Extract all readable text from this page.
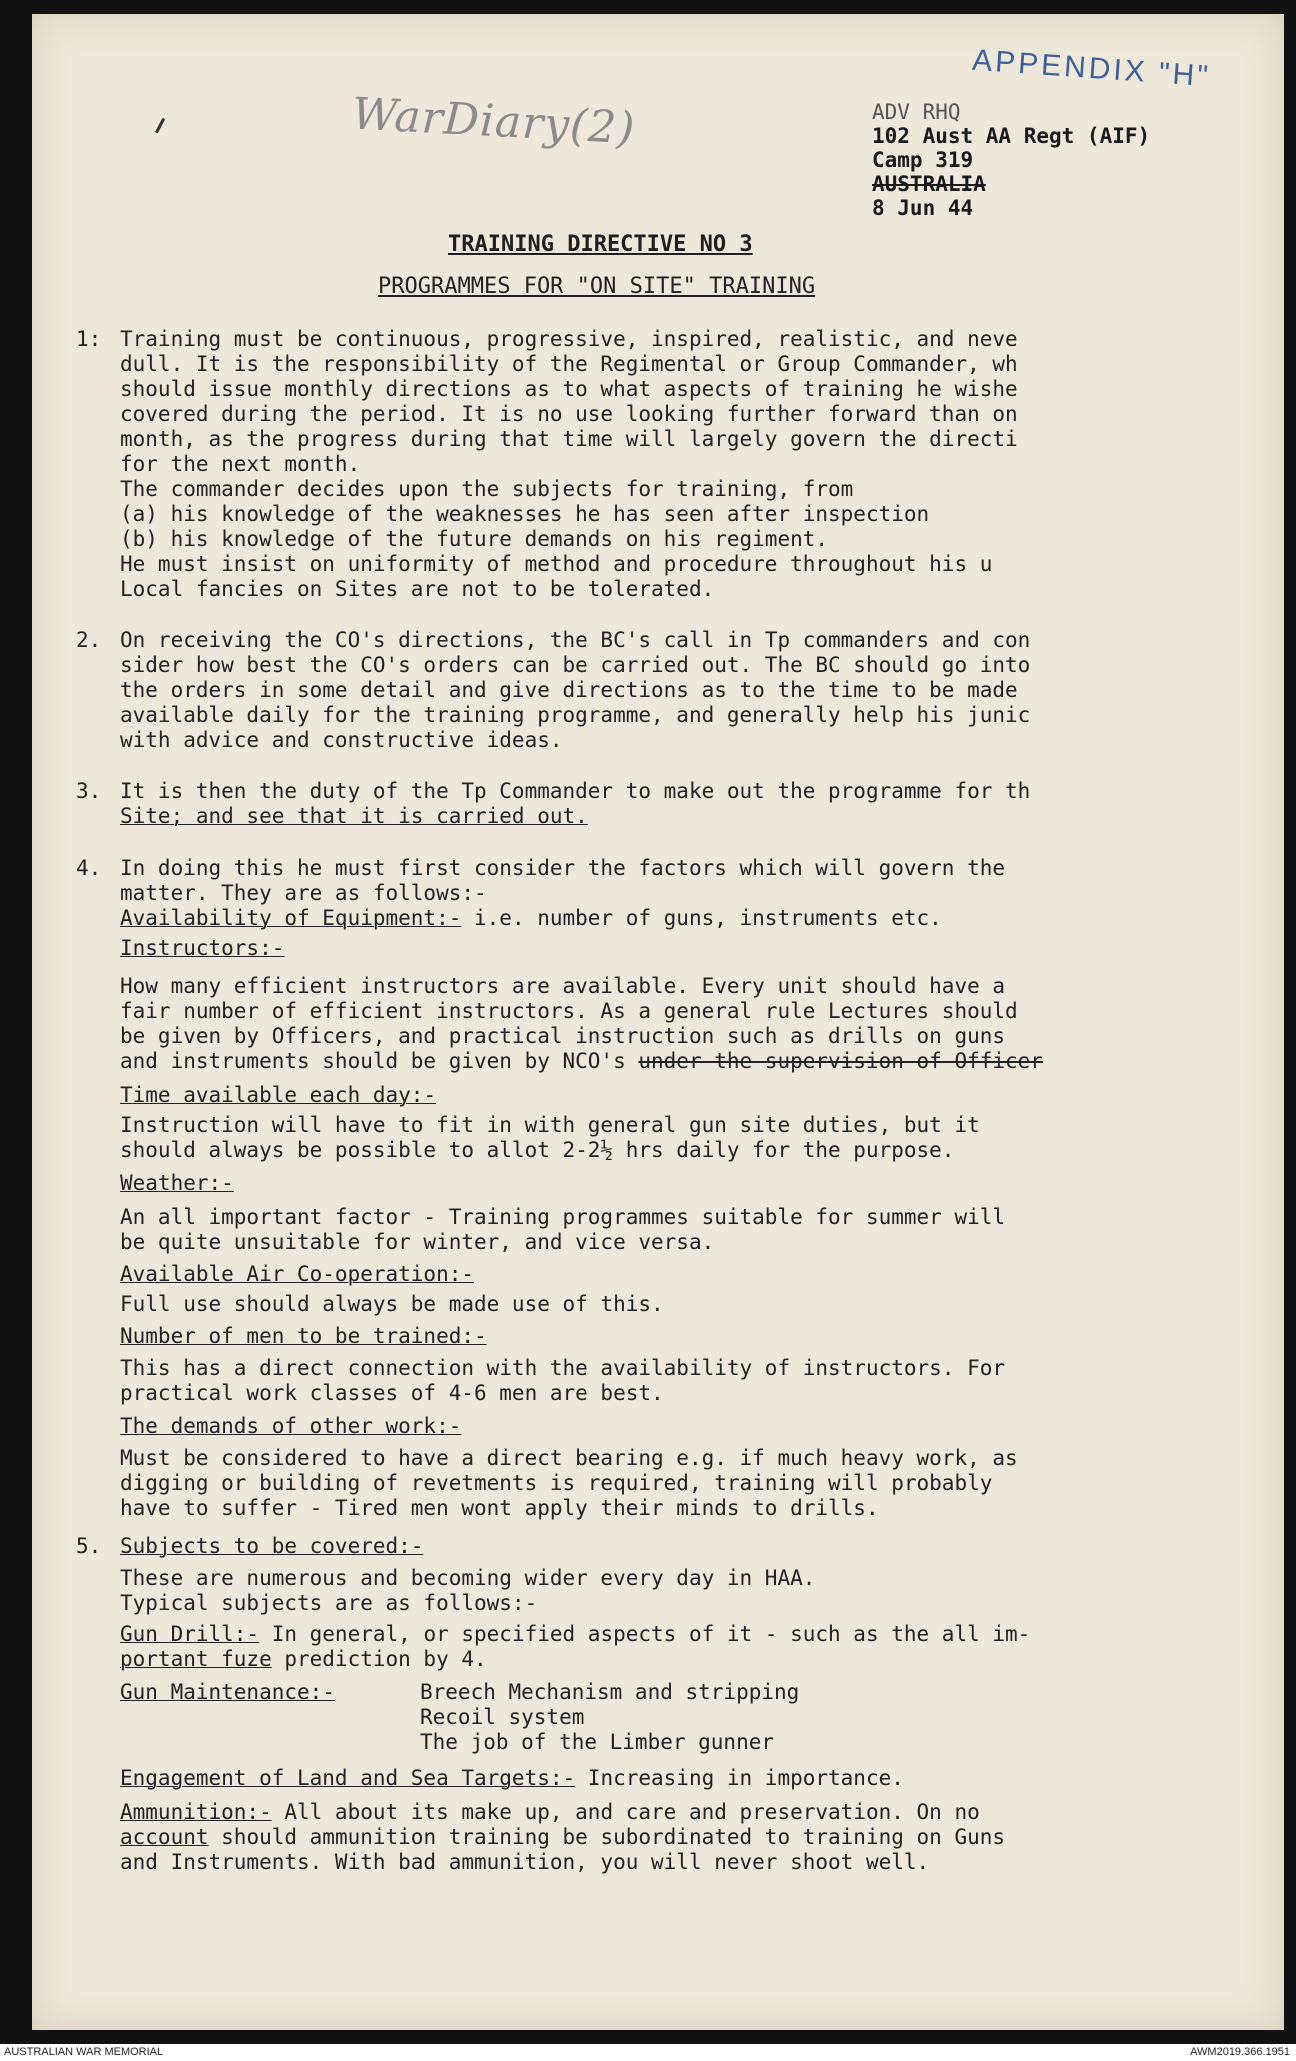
APPENDIX "H"
WarDiary(2)	ADV RHQ
102 Aust AA Regt (AIF)
Camp 319
AUSTRALIA
8 Jun 44
TRAINING DIRECTIVE NO 3
PROGRAMMES FOR "ON SITE" TRAINING
1: Training must be continuous, progressive, inspired, realistic, and neve
dull. It is the responsibility of the Regimental or Group Commander, wh
should issue monthly directions as to what aspects of training he wishe
covered during the period. It is no use looking further forward than on
month, as the progress during that time will largely govern the directi
for the next month.
The commander decides upon the subjects for training, from
(a) his knowledge of the weaknesses he has seen after inspection
(b) his knowledge of the future demands on his regiment.
He must insist on uniformity of method and procedure throughout his u
Local fancies on Sites are not to be tolerated.
2. On receiving the CO's directions, the BC's call in Tp commanders and con
sider how best the CO's orders can be carried out. The BC should go into
the orders in some detail and give directions as to the time to be made
available daily for the training programme, and generally help his junic
with advice and constructive ideas.
3. It is then the duty of the Tp Commander to make out the programme for th
Site; and see that it is carried out.
4. In doing this he must first consider the factors which will govern the
matter. They are as follows:-
Availability of Equipment:- i.e. number of guns, instruments etc.
Instructors:-
How many efficient instructors are available. Every unit should have a
fair number of efficient instructors. As a general rule Lectures should
be given by Officers, and practical instruction such as drills on guns
and instruments should be given by NCO's under the supervision of Officer
Time available each day:-
Instruction will have to fit in with general gun site duties, but it
should always be possible to allot 2-2½ hrs daily for the purpose.
Weather:-
An all important factor - Training programmes suitable for summer will
be quite unsuitable for winter, and vice versa.
Available Air Co-operation:-
Full use should always be made use of this.
Number of men to be trained:-
This has a direct connection with the availability of instructors. For
practical work classes of 4-6 men are best.
The demands of other work:-
Must be considered to have a direct bearing e.g. if much heavy work, as
digging or building of revetments is required, training will probably
have to suffer - Tired men wont apply their minds to drills.
5. Subjects to be covered:-
These are numerous and becoming wider every day in HAA.
Typical subjects are as follows:-
Gun Drill:- In general, or specified aspects of it - such as the all im-
portant fuze prediction by 4.
Gun Maintenance:-	Breech Mechanism and stripping
Recoil system
The job of the Limber gunner
Engagement of Land and Sea Targets:- Increasing in importance.
Ammunition:- All about its make up, and care and preservation. On no
account should ammunition training be subordinated to training on Guns
and Instruments. With bad ammunition, you will never shoot well.
AUSTRALIAN WAR MEMORIAL	AWM2019.366.1951
